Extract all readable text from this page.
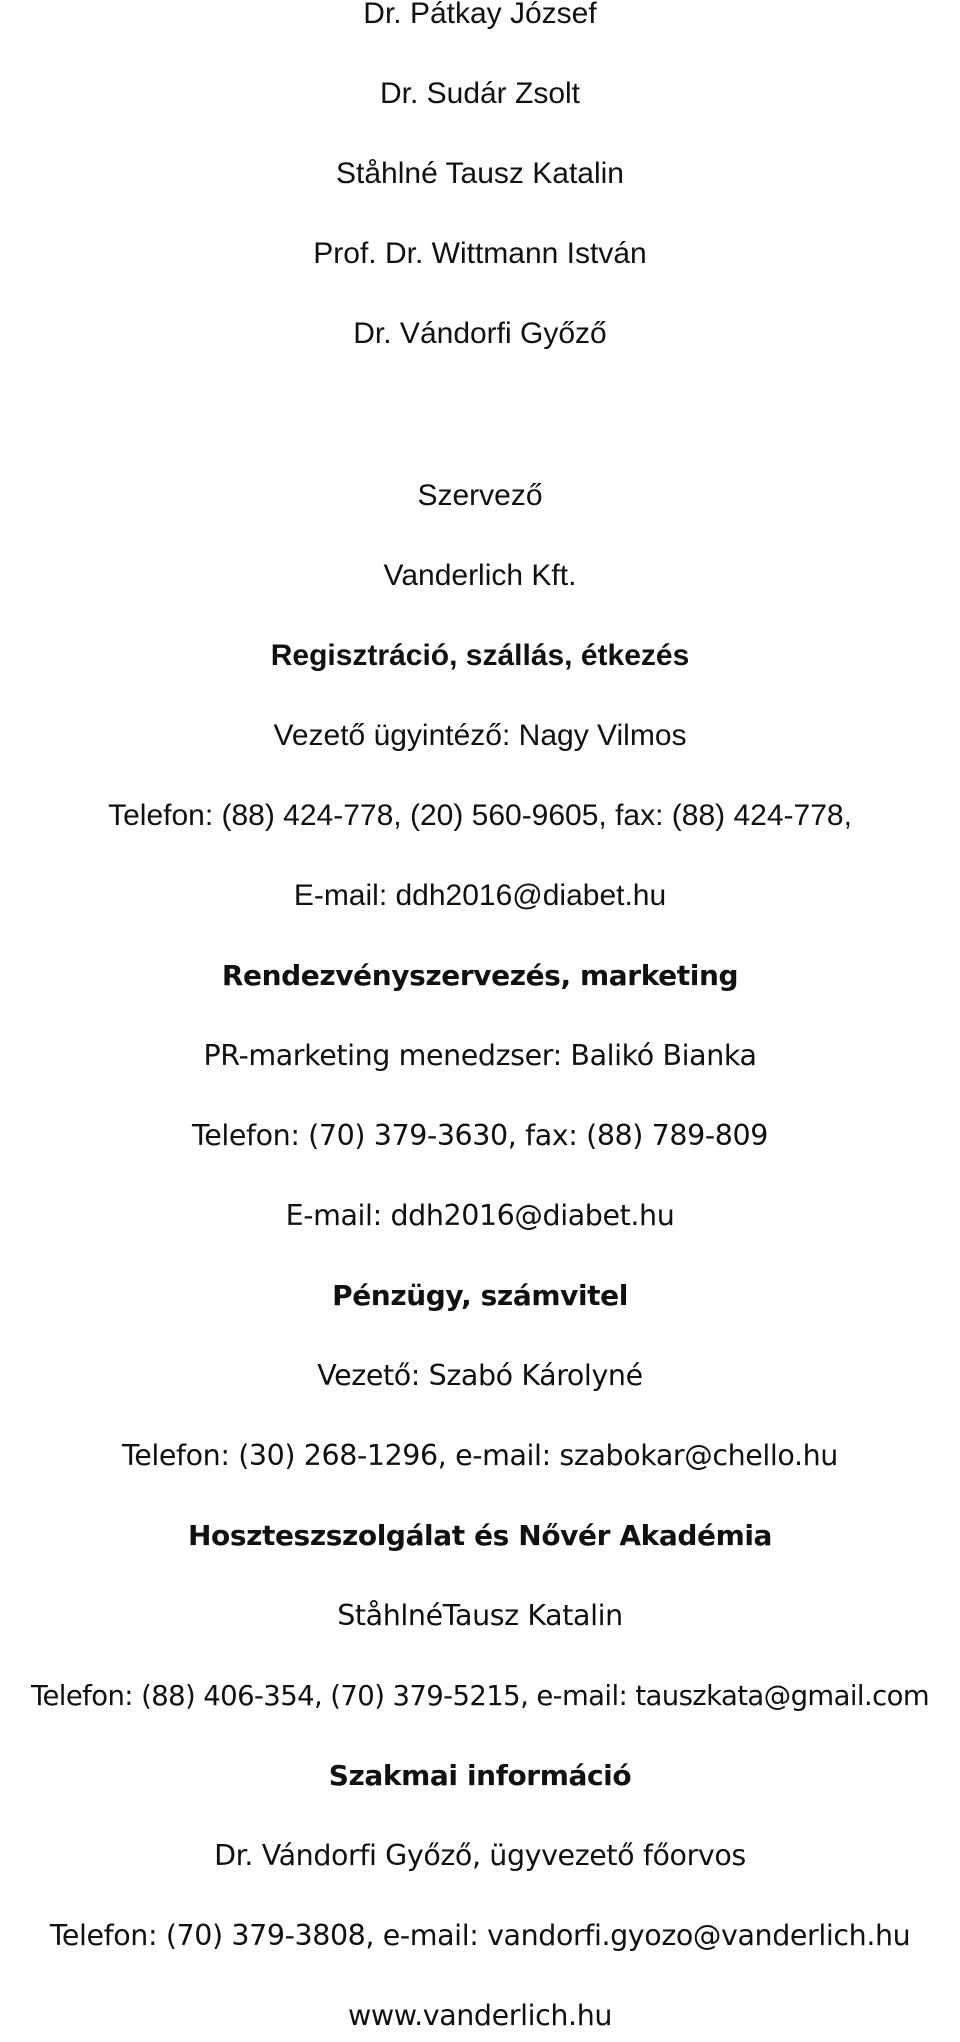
Dr. Pátkay József
Dr. Sudár Zsolt
Ståhlné Tausz Katalin
Prof. Dr. Wittmann István
Dr. Vándorfi Győző
Szervező
Vanderlich Kft.
Regisztráció, szállás, étkezés
Vezető ügyintéző: Nagy Vilmos
Telefon: (88) 424-778, (20) 560-9605, fax: (88) 424-778,
E-mail: ddh2016@diabet.hu
Rendezvényszervezés, marketing
PR-marketing menedzser: Balikó Bianka
Telefon: (70) 379-3630, fax: (88) 789-809
E-mail: ddh2016@diabet.hu
Pénzügy, számvitel
Vezető: Szabó Károlyné
Telefon: (30) 268-1296, e-mail: szabokar@chello.hu
Hoszteszszolgálat és Nővér Akadémia
StåhlnéTausz Katalin
Telefon: (88) 406-354, (70) 379-5215, e-mail: tauszkata@gmail.com
Szakmai információ
Dr. Vándorfi Győző, ügyvezető főorvos
Telefon: (70) 379-3808, e-mail: vandorfi.gyozo@vanderlich.hu
www.vanderlich.hu
